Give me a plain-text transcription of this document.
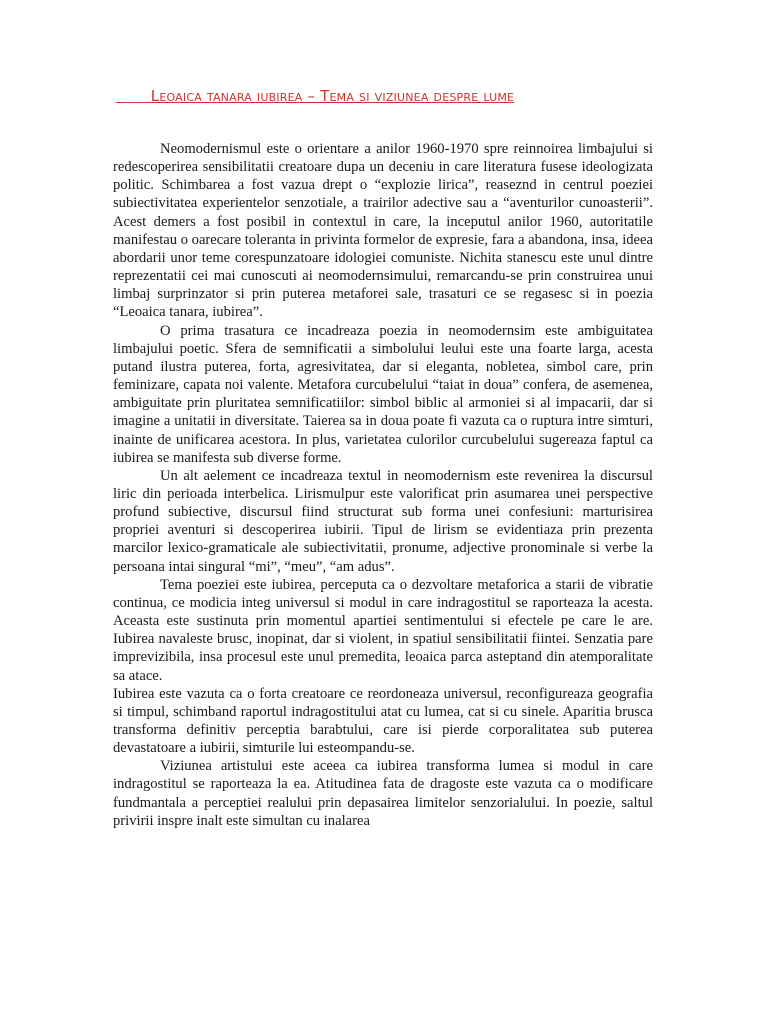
Leoaica tanara iubirea – Tema si viziunea despre lume

Neomodernismul este o orientare a anilor 1960-1970 spre reinnoirea limbajului si redescoperirea sensibilitatii creatoare dupa un deceniu in care literatura fusese ideologizata politic. Schimbarea a fost vazua drept o “explozie lirica”, reaseznd in centrul poeziei subiectivitatea experientelor senzotiale, a trairilor adective sau a “aventurilor cunoasterii”. Acest demers a fost posibil in contextul in care, la inceputul anilor 1960, autoritatile manifestau o oarecare toleranta in privinta formelor de expresie, fara a abandona, insa, ideea abordarii unor teme corespunzatoare idologiei comuniste. Nichita stanescu este unul dintre reprezentatii cei mai cunoscuti ai neomodernsimului, remarcandu-se prin construirea unui limbaj surprinzator si prin puterea metaforei sale, trasaturi ce se regasesc si in poezia “Leoaica tanara, iubirea”.

O prima trasatura ce incadreaza poezia in neomodernsim este ambiguitatea limbajului poetic. Sfera de semnificatii a simbolului leului este una foarte larga, acesta putand ilustra puterea, forta, agresivitatea, dar si eleganta, nobletea, simbol care, prin feminizare, capata noi valente. Metafora curcubelului “taiat in doua” confera, de asemenea, ambiguitate prin pluritatea semnificatiilor: simbol biblic al armoniei si al impacarii, dar si imagine a unitatii in diversitate. Taierea sa in doua poate fi vazuta ca o ruptura intre simturi, inainte de unificarea acestora. In plus, varietatea culorilor curcubelului sugereaza faptul ca iubirea se manifesta sub diverse forme.

Un alt aelement ce incadreaza textul in neomodernism este revenirea la discursul liric din perioada interbelica. Lirismulpur este valorificat prin asumarea unei perspective profund subiective, discursul fiind structurat sub forma unei confesiuni: marturisirea propriei aventuri si descoperirea iubirii. Tipul de lirism se evidentiaza prin prezenta marcilor lexico-gramaticale ale subiectivitatii, pronume, adjective pronominale si verbe la persoana intai singural “mi”, “meu”, “am adus”.

Tema poeziei este iubirea, perceputa ca o dezvoltare metaforica a starii de vibratie continua, ce modicia integ universul si modul in care indragostitul se raporteaza la acesta. Aceasta este sustinuta prin momentul apartiei sentimentului si efectele pe care le are. Iubirea navaleste brusc, inopinat, dar si violent, in spatiul sensibilitatii fiintei. Senzatia pare imprevizibila, insa procesul este unul premedita, leoaica parca asteptand din atemporalitate sa atace.

Iubirea este vazuta ca o forta creatoare ce reordoneaza universul, reconfigureaza geografia si timpul, schimband raportul indragostitului atat cu lumea, cat si cu sinele. Aparitia brusca transforma definitiv perceptia barabtului, care isi pierde corporalitatea sub puterea devastatoare a iubirii, simturile lui esteompandu-se.

Viziunea artistului este aceea ca iubirea transforma lumea si modul in care indragostitul se raporteaza la ea. Atitudinea fata de dragoste este vazuta ca o modificare fundmantala a perceptiei realului prin depasairea limitelor senzorialului. In poezie, saltul privirii inspre inalt este simultan cu inalarea
